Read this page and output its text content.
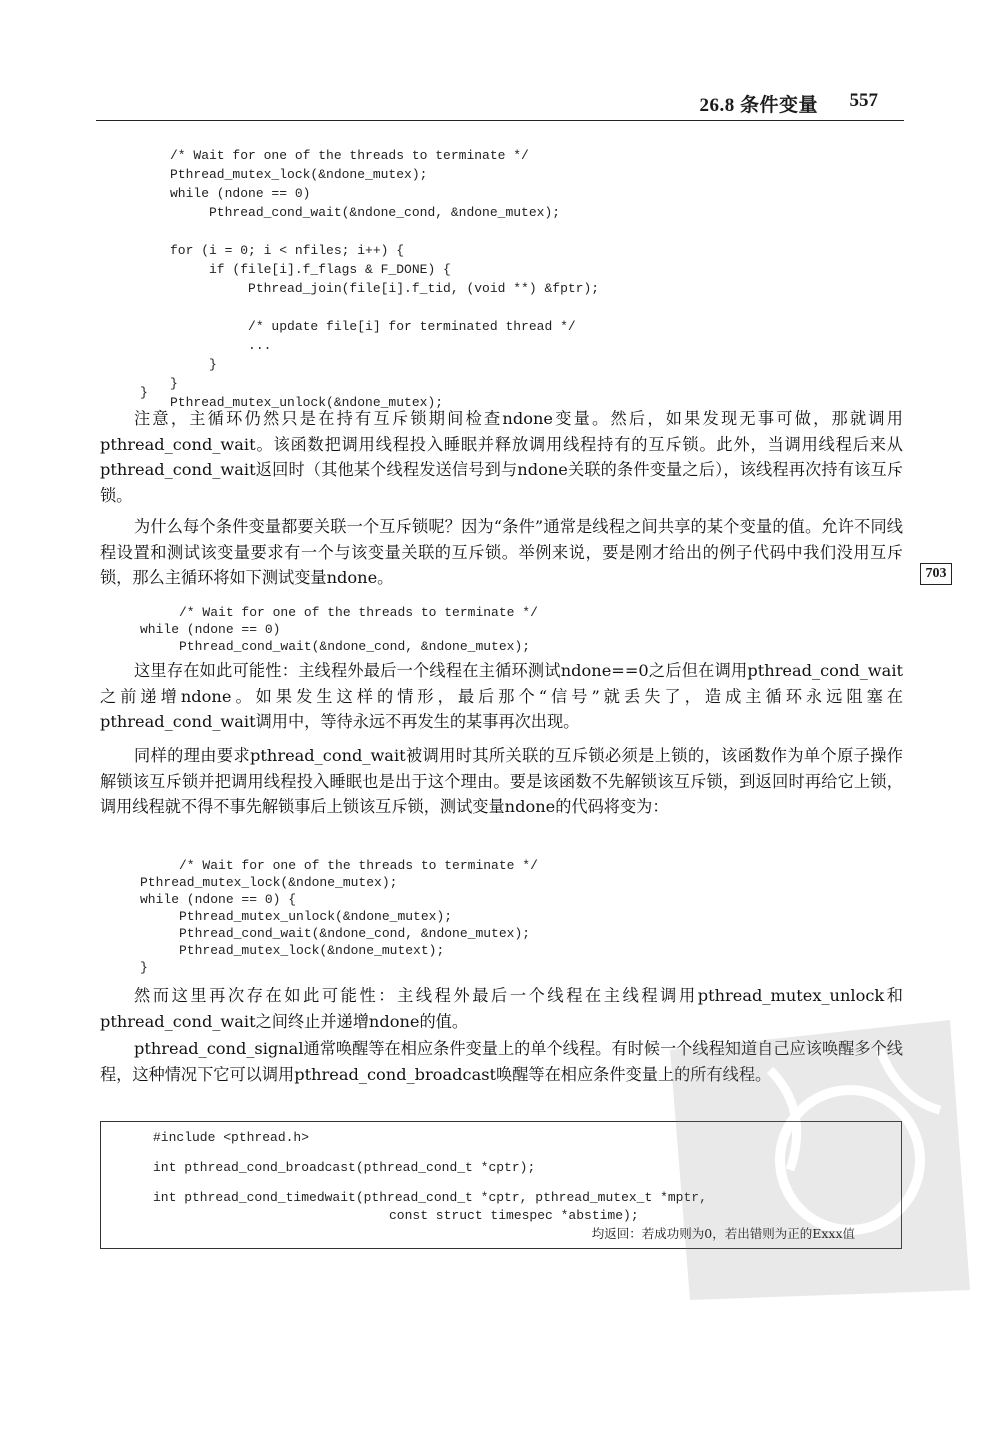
26.8 条件变量 557
/* Wait for one of the threads to terminate */
Pthread_mutex_lock(&ndone_mutex);
while (ndone == 0)
Pthread_cond_wait(&ndone_cond, &ndone_mutex);

for (i = 0; i < nfiles; i++) {
if (file[i].f_flags & F_DONE) {
Pthread_join(file[i].f_tid, (void **) &fptr);

/* update file[i] for terminated thread */
...
}
}
Pthread_mutex_unlock(&ndone_mutex);
}

注意，主循环仍然只是在持有互斥锁期间检查ndone变量。然后，如果发现无事可做，那就调用pthread_cond_wait。该函数把调用线程投入睡眠并释放调用线程持有的互斥锁。此外，当调用线程后来从pthread_cond_wait返回时（其他某个线程发送信号到与ndone关联的条件变量之后），该线程再次持有该互斥锁。

为什么每个条件变量都要关联一个互斥锁呢？因为“条件”通常是线程之间共享的某个变量的值。允许不同线程设置和测试该变量要求有一个与该变量关联的互斥锁。举例来说，要是刚才给出的例子代码中我们没用互斥锁，那么主循环将如下测试变量ndone。	703
/* Wait for one of the threads to terminate */
while (ndone == 0)
Pthread_cond_wait(&ndone_cond, &ndone_mutex);

这里存在如此可能性：主线程外最后一个线程在主循环测试ndone==0之后但在调用pthread_cond_wait之前递增ndone。如果发生这样的情形，最后那个“信号”就丢失了，造成主循环永远阻塞在pthread_cond_wait调用中，等待永远不再发生的某事再次出现。

同样的理由要求pthread_cond_wait被调用时其所关联的互斥锁必须是上锁的，该函数作为单个原子操作解锁该互斥锁并把调用线程投入睡眠也是出于这个理由。要是该函数不先解锁该互斥锁，到返回时再给它上锁，调用线程就不得不事先解锁事后上锁该互斥锁，测试变量ndone的代码将变为：

/* Wait for one of the threads to terminate */
Pthread_mutex_lock(&ndone_mutex);
while (ndone == 0) {
Pthread_mutex_unlock(&ndone_mutex);
Pthread_cond_wait(&ndone_cond, &ndone_mutex);
Pthread_mutex_lock(&ndone_mutext);
}

然而这里再次存在如此可能性：主线程外最后一个线程在主线程调用pthread_mutex_unlock和pthread_cond_wait之间终止并递增ndone的值。

pthread_cond_signal通常唤醒等在相应条件变量上的单个线程。有时候一个线程知道自己应该唤醒多个线程，这种情况下它可以调用pthread_cond_broadcast唤醒等在相应条件变量上的所有线程。

#include <pthread.h>
int pthread_cond_broadcast(pthread_cond_t *cptr);
int pthread_cond_timedwait(pthread_cond_t *cptr, pthread_mutex_t *mptr,
const struct timespec *abstime);
均返回：若成功则为0，若出错则为正的Exxx值
